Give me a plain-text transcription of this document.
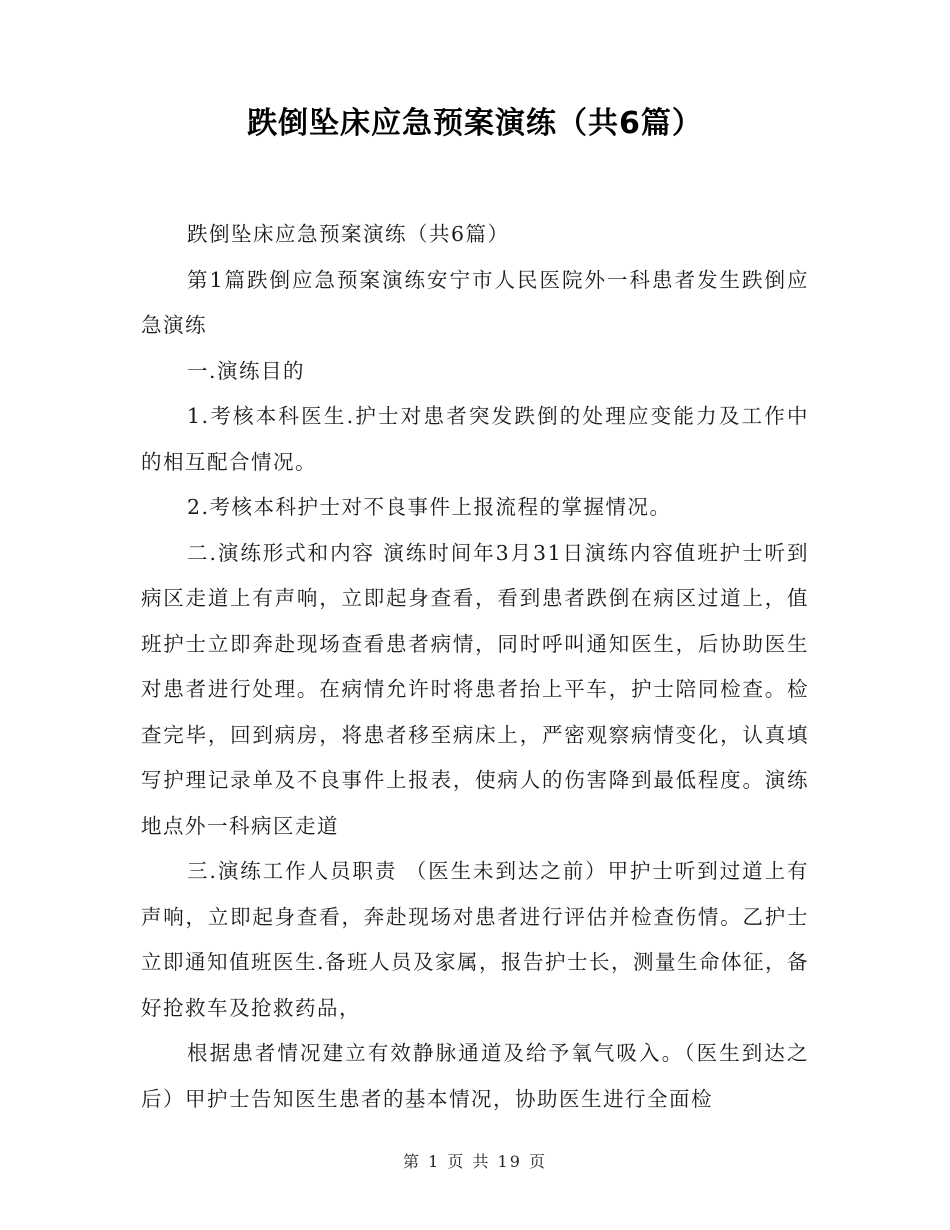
跌倒坠床应急预案演练（共6篇）

跌倒坠床应急预案演练（共6篇）

第1篇跌倒应急预案演练安宁市人民医院外一科患者发生跌倒应急演练

一.演练目的

1.考核本科医生.护士对患者突发跌倒的处理应变能力及工作中的相互配合情况。

2.考核本科护士对不良事件上报流程的掌握情况。

二.演练形式和内容 演练时间年3月31日演练内容值班护士听到病区走道上有声响，立即起身查看，看到患者跌倒在病区过道上，值班护士立即奔赴现场查看患者病情，同时呼叫通知医生，后协助医生对患者进行处理。在病情允许时将患者抬上平车，护士陪同检查。检查完毕，回到病房，将患者移至病床上，严密观察病情变化，认真填写护理记录单及不良事件上报表，使病人的伤害降到最低程度。演练地点外一科病区走道

三.演练工作人员职责 （医生未到达之前）甲护士听到过道上有声响，立即起身查看，奔赴现场对患者进行评估并检查伤情。乙护士立即通知值班医生.备班人员及家属，报告护士长，测量生命体征，备好抢救车及抢救药品，

根据患者情况建立有效静脉通道及给予氧气吸入。（医生到达之后）甲护士告知医生患者的基本情况，协助医生进行全面检

第 1 页 共 19 页
